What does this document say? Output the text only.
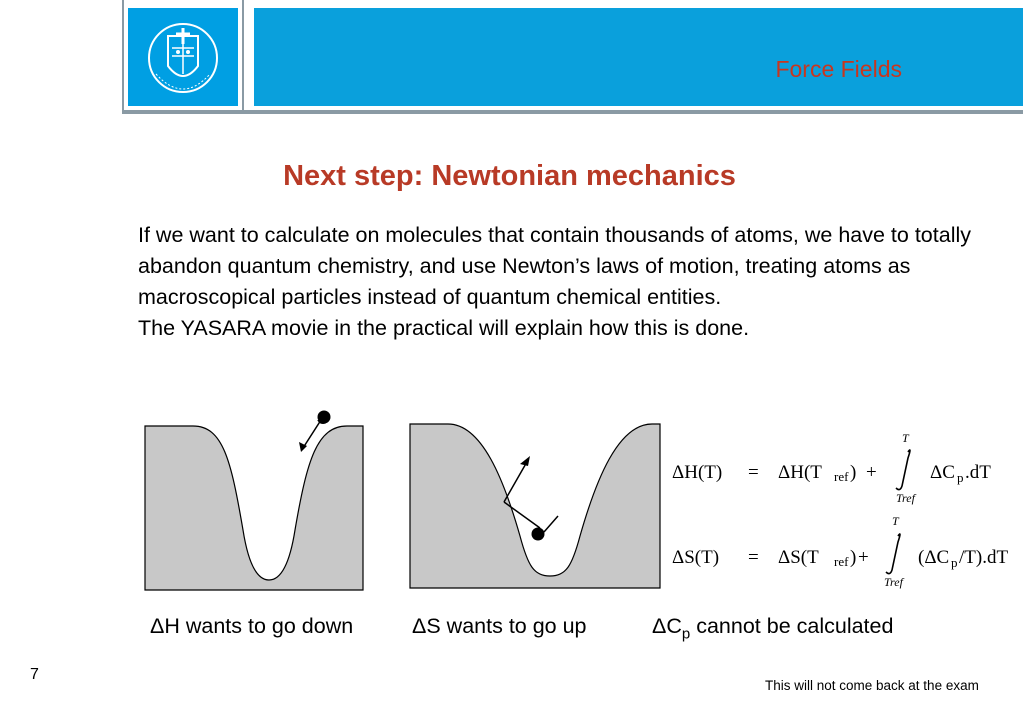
Force Fields
Next step: Newtonian mechanics

If we want to calculate on molecules that contain thousands of atoms, we have to totally abandon quantum chemistry, and use Newton’s laws of motion, treating atoms as macroscopical particles instead of quantum chemical entities.

The YASARA movie in the practical will explain how this is done.

T
ΔH(T) = ΔH(T ref ) +
Tref
ΔC p .dT
T
ΔS(T) = ΔS(T ref ) +
Tref
(ΔC p /T).dT
ΔH wants to go down	ΔS wants to go up	$\Delta C_p$ cannot be calculated
7
This will not come back at the exam
